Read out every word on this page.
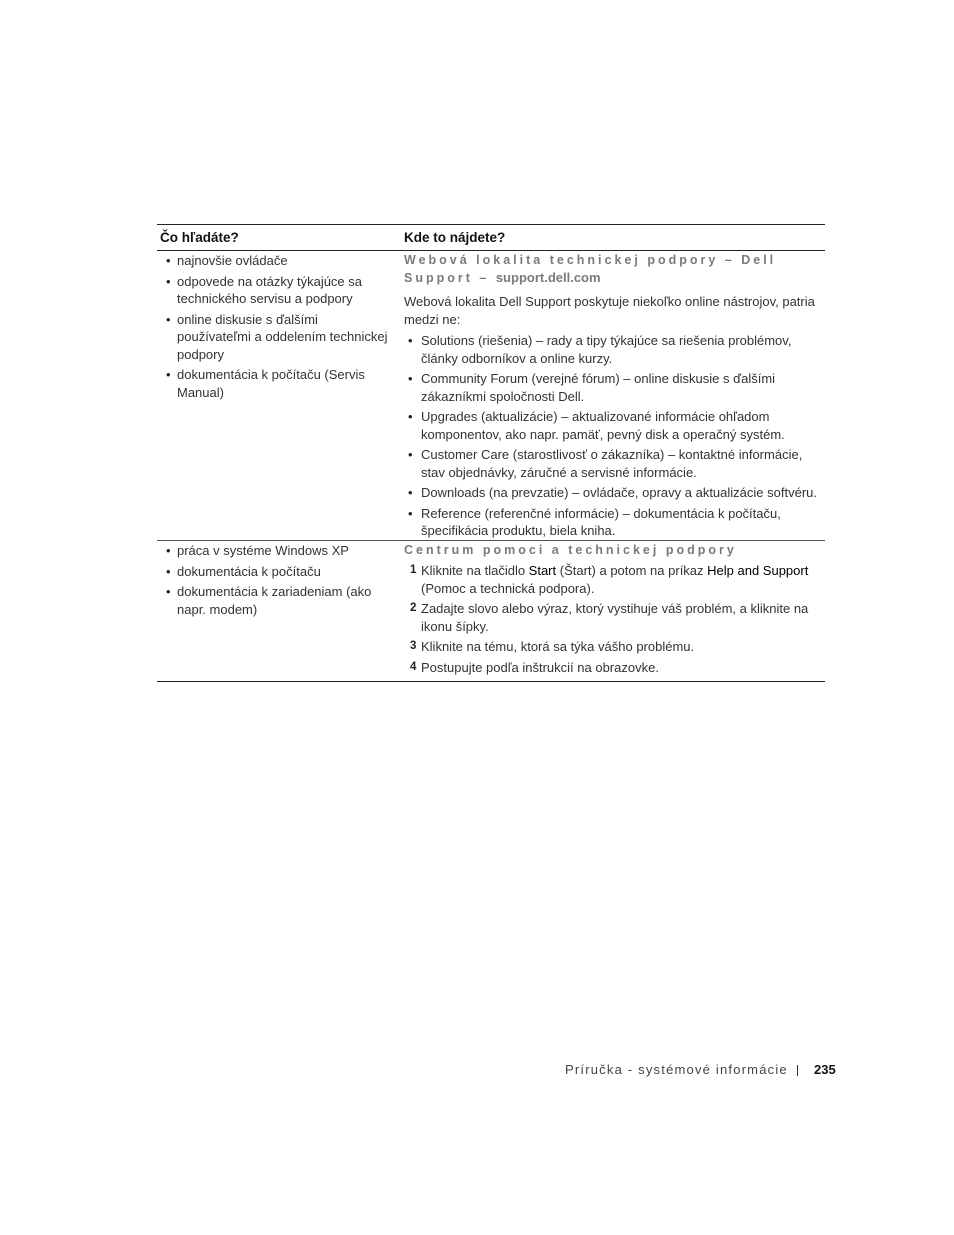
Čo hľadáte?	Kde to nájdete?
• najnovšie ovládače
• odpovede na otázky týkajúce sa technického servisu a podpory
• online diskusie s ďalšími používateľmi a oddelením technickej podpory
• dokumentácia k počítaču (Servis Manual)
Webová lokalita technickej podpory – Dell Support – support.dell.com
Webová lokalita Dell Support poskytuje niekoľko online nástrojov, patria medzi ne:
• Solutions (riešenia) – rady a tipy týkajúce sa riešenia problémov, články odborníkov a online kurzy.
• Community Forum (verejné fórum) – online diskusie s ďalšími zákazníkmi spoločnosti Dell.
• Upgrades (aktualizácie) – aktualizované informácie ohľadom komponentov, ako napr. pamäť, pevný disk a operačný systém.
• Customer Care (starostlivosť o zákazníka) – kontaktné informácie, stav objednávky, záručné a servisné informácie.
• Downloads (na prevzatie) – ovládače, opravy a aktualizácie softvéru.
• Reference (referenčné informácie) – dokumentácia k počítaču, špecifikácia produktu, biela kniha.
• práca v systéme Windows XP
• dokumentácia k počítaču
• dokumentácia k zariadeniam (ako napr. modem)
Centrum pomoci a technickej podpory
1 Kliknite na tlačidlo Start (Štart) a potom na príkaz Help and Support (Pomoc a technická podpora).
2 Zadajte slovo alebo výraz, ktorý vystihuje váš problém, a kliknite na ikonu šípky.
3 Kliknite na tému, ktorá sa týka vášho problému.
4 Postupujte podľa inštrukcií na obrazovke.
Príručka - systémové informácie 235
